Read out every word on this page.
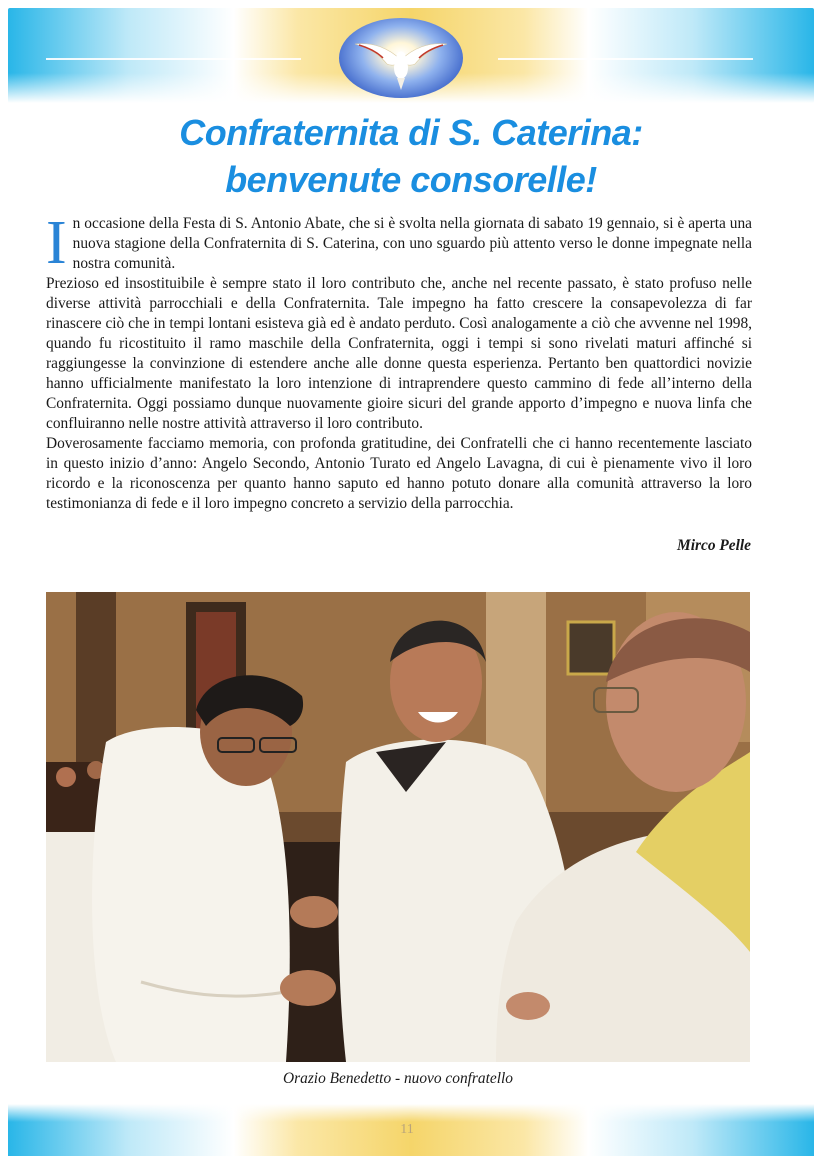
Confraternita di S. Caterina:
benvenute consorelle!

In occasione della Festa di S. Antonio Abate, che si è svolta nella giornata di sabato 19 gennaio, si è aperta una nuova stagione della Confraternita di S. Caterina, con uno sguardo più attento verso le donne impegnate nella nostra comunità.

Prezioso ed insostituibile è sempre stato il loro contributo che, anche nel recente passato, è stato profuso nelle diverse attività parrocchiali e della Confraternita. Tale impegno ha fatto crescere la consapevolezza di far rinascere ciò che in tempi lontani esisteva già ed è andato perduto. Così analogamente a ciò che avvenne nel 1998, quando fu ricostituito il ramo maschile della Confraternita, oggi i tempi si sono rivelati maturi affinché si raggiungesse la convinzione di estendere anche alle donne questa esperienza. Pertanto ben quattordici novizie hanno ufficialmente manifestato la loro intenzione di intraprendere questo cammino di fede all’interno della Confraternita. Oggi possiamo dunque nuovamente gioire sicuri del grande apporto d’impegno e nuova linfa che confluiranno nelle nostre attività attraverso il loro contributo.

Doverosamente facciamo memoria, con profonda gratitudine, dei Confratelli che ci hanno recentemente lasciato in questo inizio d’anno: Angelo Secondo, Antonio Turato ed Angelo Lavagna, di cui è pienamente vivo il loro ricordo e la riconoscenza per quanto hanno saputo ed hanno potuto donare alla comunità attraverso la loro testimonianza di fede e il loro impegno concreto a servizio della parrocchia.

Mirco Pelle
Orazio Benedetto - nuovo confratello
11
